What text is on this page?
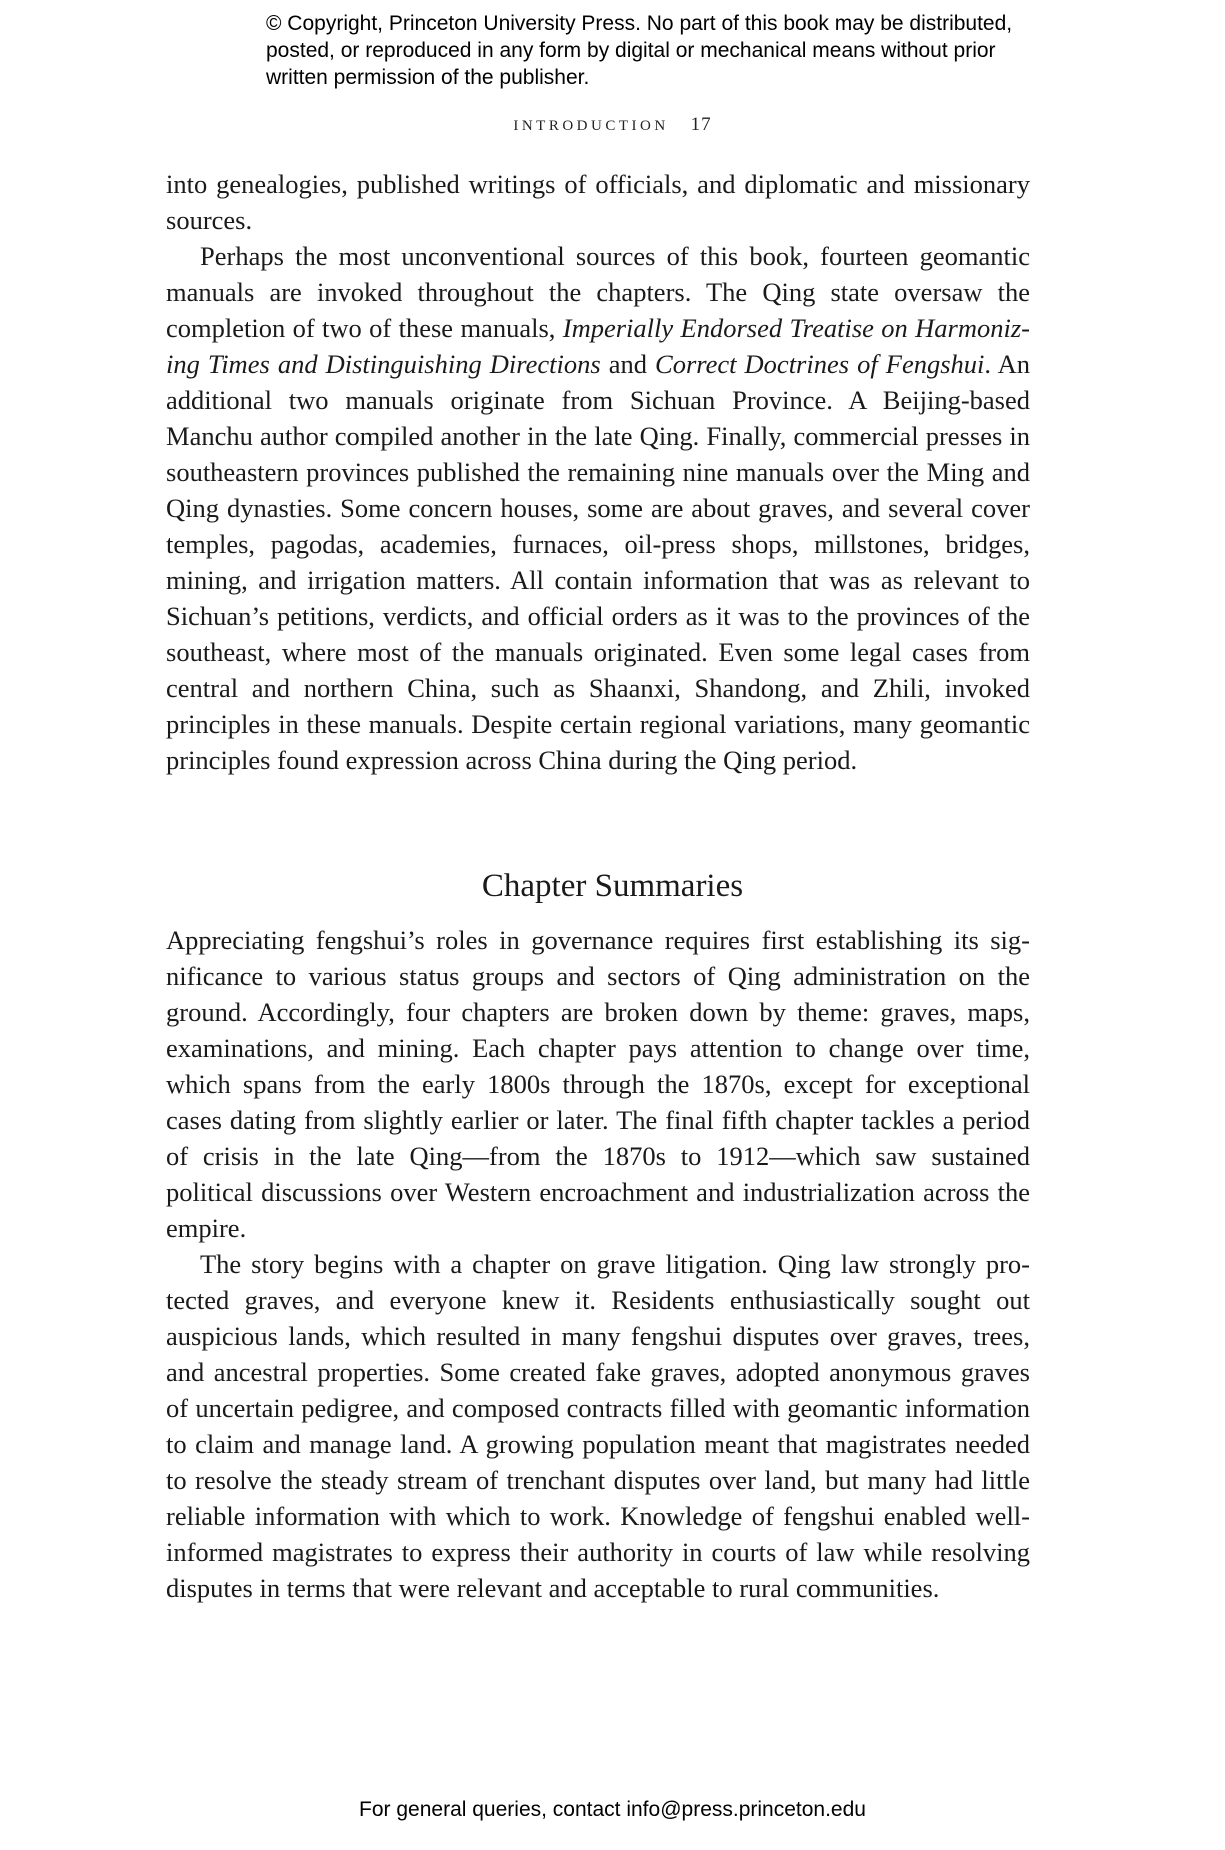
© Copyright, Princeton University Press. No part of this book may be distributed, posted, or reproduced in any form by digital or mechanical means without prior written permission of the publisher.
INTRODUCTION 17

into genealogies, published writings of officials, and diplomatic and missionary sources.

Perhaps the most unconventional sources of this book, fourteen geomantic manuals are invoked throughout the chapters. The Qing state oversaw the completion of two of these manuals, Imperially Endorsed Treatise on Harmonizing Times and Distinguishing Directions and Correct Doctrines of Fengshui. An additional two manuals originate from Sichuan Province. A Beijing-based Manchu author compiled another in the late Qing. Finally, commercial presses in southeastern provinces published the remaining nine manuals over the Ming and Qing dynasties. Some concern houses, some are about graves, and several cover temples, pagodas, academies, furnaces, oil-press shops, millstones, bridges, mining, and irrigation matters. All contain information that was as relevant to Sichuan’s petitions, verdicts, and official orders as it was to the provinces of the southeast, where most of the manuals originated. Even some legal cases from central and northern China, such as Shaanxi, Shandong, and Zhili, invoked principles in these manuals. Despite certain regional variations, many geomantic principles found expression across China during the Qing period.

Chapter Summaries

Appreciating fengshui’s roles in governance requires first establishing its significance to various status groups and sectors of Qing administration on the ground. Accordingly, four chapters are broken down by theme: graves, maps, examinations, and mining. Each chapter pays attention to change over time, which spans from the early 1800s through the 1870s, except for exceptional cases dating from slightly earlier or later. The final fifth chapter tackles a period of crisis in the late Qing—from the 1870s to 1912—which saw sustained political discussions over Western encroachment and industrialization across the empire.

The story begins with a chapter on grave litigation. Qing law strongly protected graves, and everyone knew it. Residents enthusiastically sought out auspicious lands, which resulted in many fengshui disputes over graves, trees, and ancestral properties. Some created fake graves, adopted anonymous graves of uncertain pedigree, and composed contracts filled with geomantic information to claim and manage land. A growing population meant that magistrates needed to resolve the steady stream of trenchant disputes over land, but many had little reliable information with which to work. Knowledge of fengshui enabled well-informed magistrates to express their authority in courts of law while resolving disputes in terms that were relevant and acceptable to rural communities.

For general queries, contact info@press.princeton.edu
